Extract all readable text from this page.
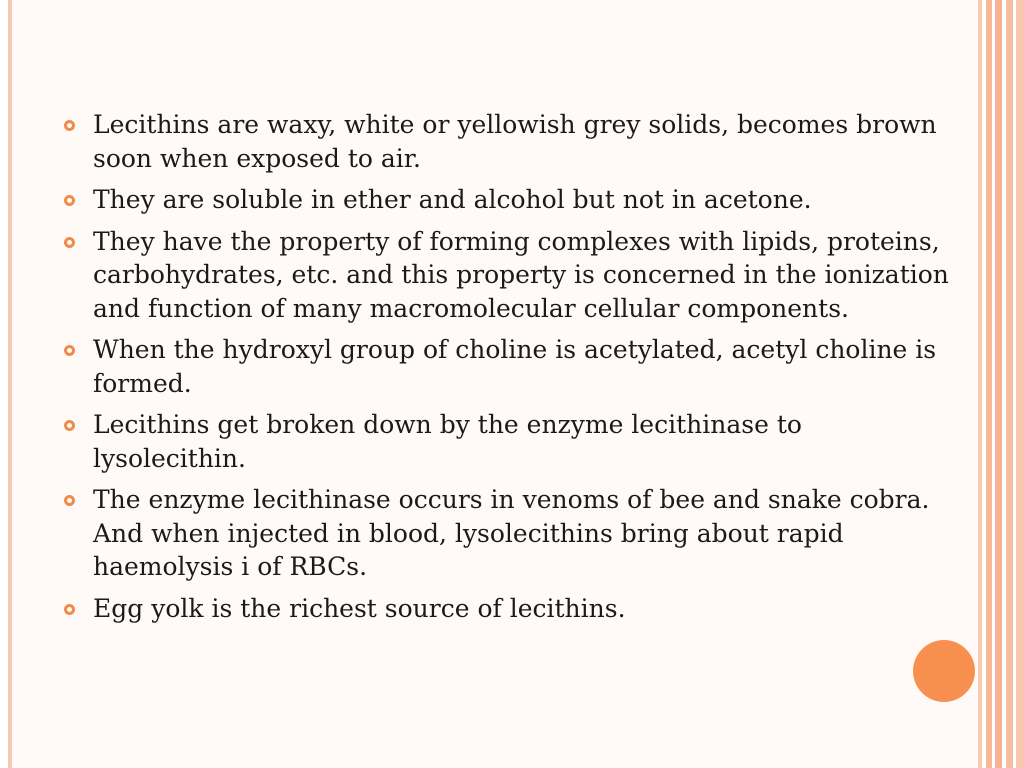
Lecithins are waxy, white or yellowish grey solids, becomes brown soon when exposed to air.
They are soluble in ether and alcohol but not in acetone.
They have the property of forming complexes with lipids, proteins, carbohydrates, etc. and this property is concerned in the ionization and function of many macromolecular cellular components.
When the hydroxyl group of choline is acetylated, acetyl choline is formed.
Lecithins get broken down by the enzyme lecithinase to lysolecithin.
The enzyme lecithinase occurs in venoms of bee and snake cobra. And when injected in blood, lysolecithins bring about rapid haemolysis i of RBCs.
Egg yolk is the richest source of lecithins.
